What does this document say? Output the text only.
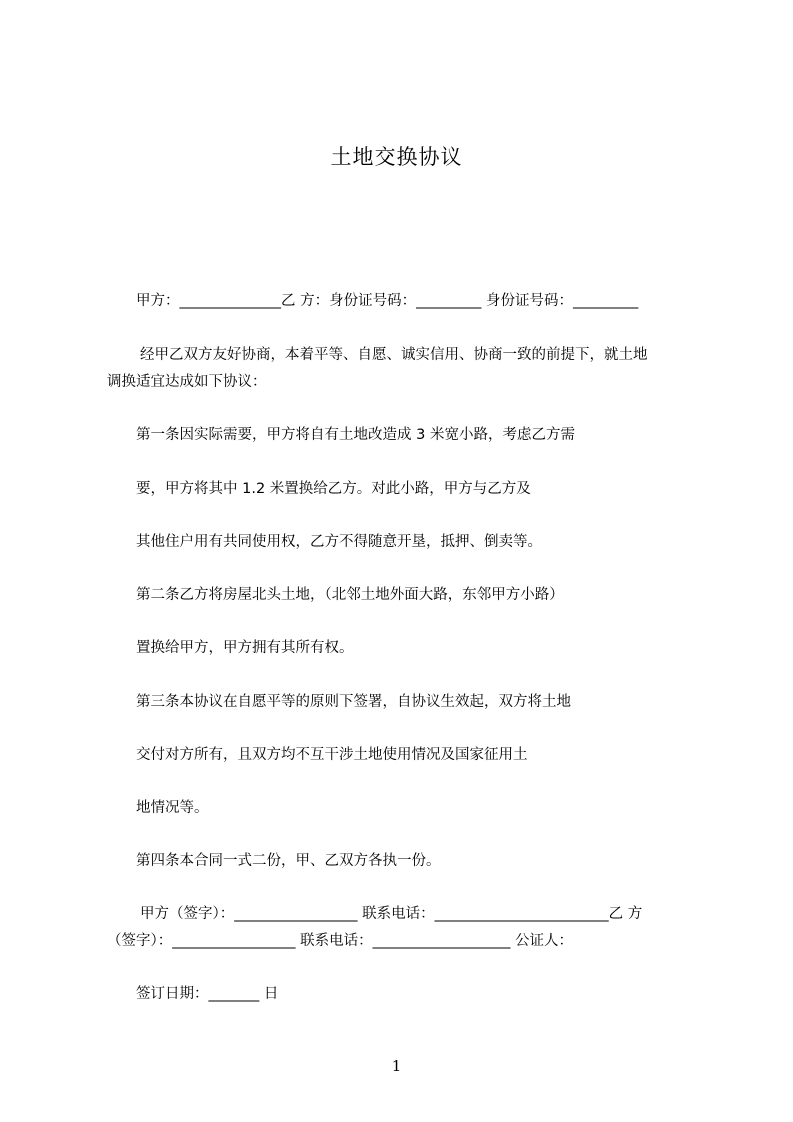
土地交换协议
甲方：______________乙 方：身份证号码：_________ 身份证号码：_________
经甲乙双方友好协商，本着平等、自愿、诚实信用、协商一致的前提下，就土地
调换适宜达成如下协议：
第一条因实际需要，甲方将自有土地改造成 3 米宽小路，考虑乙方需
要，甲方将其中 1.2 米置换给乙方。对此小路，甲方与乙方及
其他住户用有共同使用权，乙方不得随意开垦，抵押、倒卖等。
第二条乙方将房屋北头土地，（北邻土地外面大路，东邻甲方小路）
置换给甲方，甲方拥有其所有权。
第三条本协议在自愿平等的原则下签署，自协议生效起，双方将土地
交付对方所有，且双方均不互干涉土地使用情况及国家征用土
地情况等。
第四条本合同一式二份，甲、乙双方各执一份。
甲方（签字）：_________________ 联系电话：________________________乙 方
（签字）：_________________ 联系电话：___________________ 公证人：
签订日期：_______ 日
1
